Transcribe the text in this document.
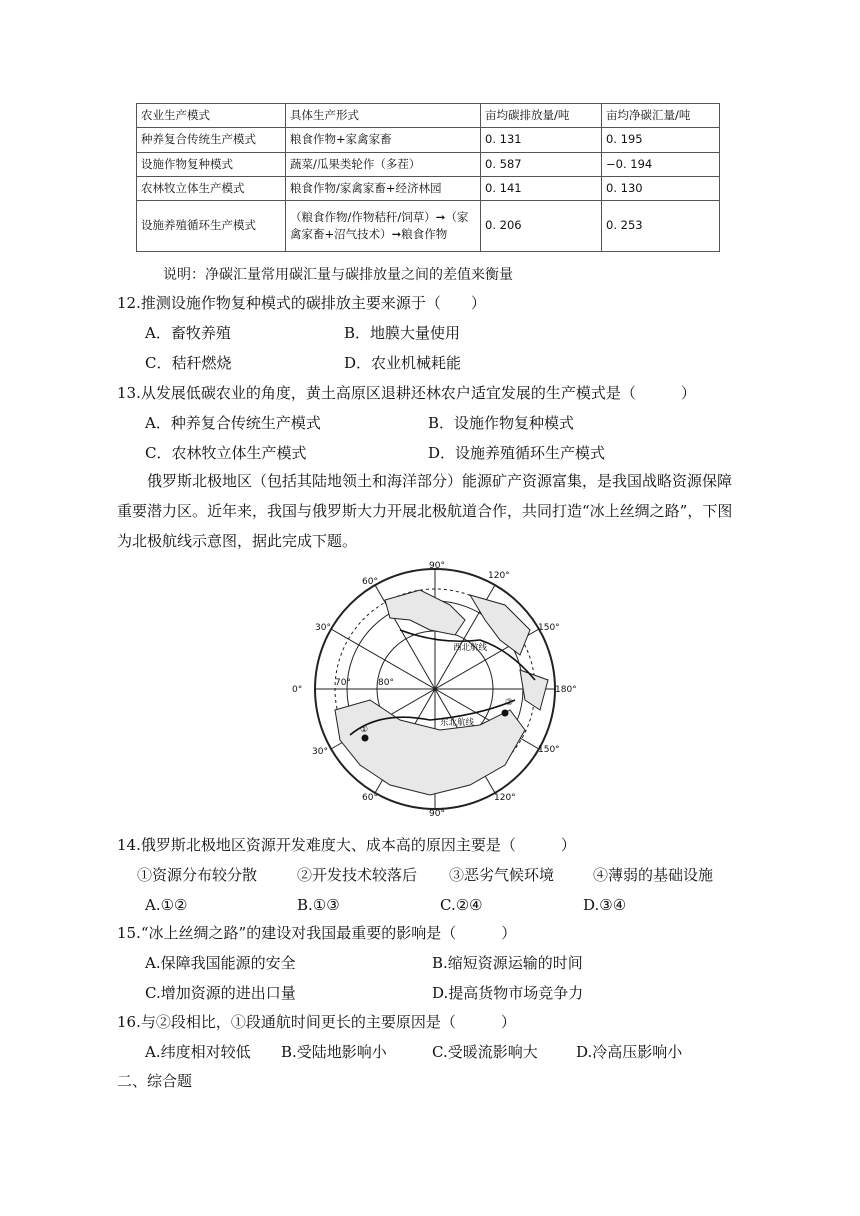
农业生产模式	具体生产形式	亩均碳排放量/吨	亩均净碳汇量/吨
种养复合传统生产模式	粮食作物+家禽家畜	0. 131	0. 195
设施作物复种模式	蔬菜/瓜果类轮作（多茬）	0. 587	−0. 194
农林牧立体生产模式	粮食作物/家禽家畜+经济林园	0. 141	0. 130
设施养殖循环生产模式	（粮食作物/作物秸秆/饲草）➞（家禽家畜+沼气技术）➞粮食作物	0. 206	0. 253
说明：净碳汇量常用碳汇量与碳排放量之间的差值来衡量
12.推测设施作物复种模式的碳排放主要来源于（　　）
A．畜牧养殖	B．地膜大量使用
C．秸秆燃烧	D．农业机械耗能
13.从发展低碳农业的角度，黄土高原区退耕还林农户适宜发展的生产模式是（　　　）
A．种养复合传统生产模式	B．设施作物复种模式
C．农林牧立体生产模式	D．设施养殖循环生产模式
俄罗斯北极地区（包括其陆地领土和海洋部分）能源矿产资源富集，是我国战略资源保障重要潜力区。近年来，我国与俄罗斯大力开展北极航道合作，共同打造“冰上丝绸之路”，下图为北极航线示意图，据此完成下题。
90°
90°
0°	180°
60°
30°
30°
60°
120°
150°
150°
120°
70°	80°
西北航线
东北航线
①
②
14.俄罗斯北极地区资源开发难度大、成本高的原因主要是（　　　）
①资源分布较分散	②开发技术较落后 ③恶劣气候环境	④薄弱的基础设施
A.①②	B.①③	C.②④	D.③④
15.“冰上丝绸之路”的建设对我国最重要的影响是（　　　）
A.保障我国能源的安全	B.缩短资源运输的时间
C.增加资源的进出口量	D.提高货物市场竞争力
16.与②段相比，①段通航时间更长的主要原因是（　　　）
A.纬度相对较低 B.受陆地影响小	C.受暖流影响大	D.冷高压影响小
二、综合题
